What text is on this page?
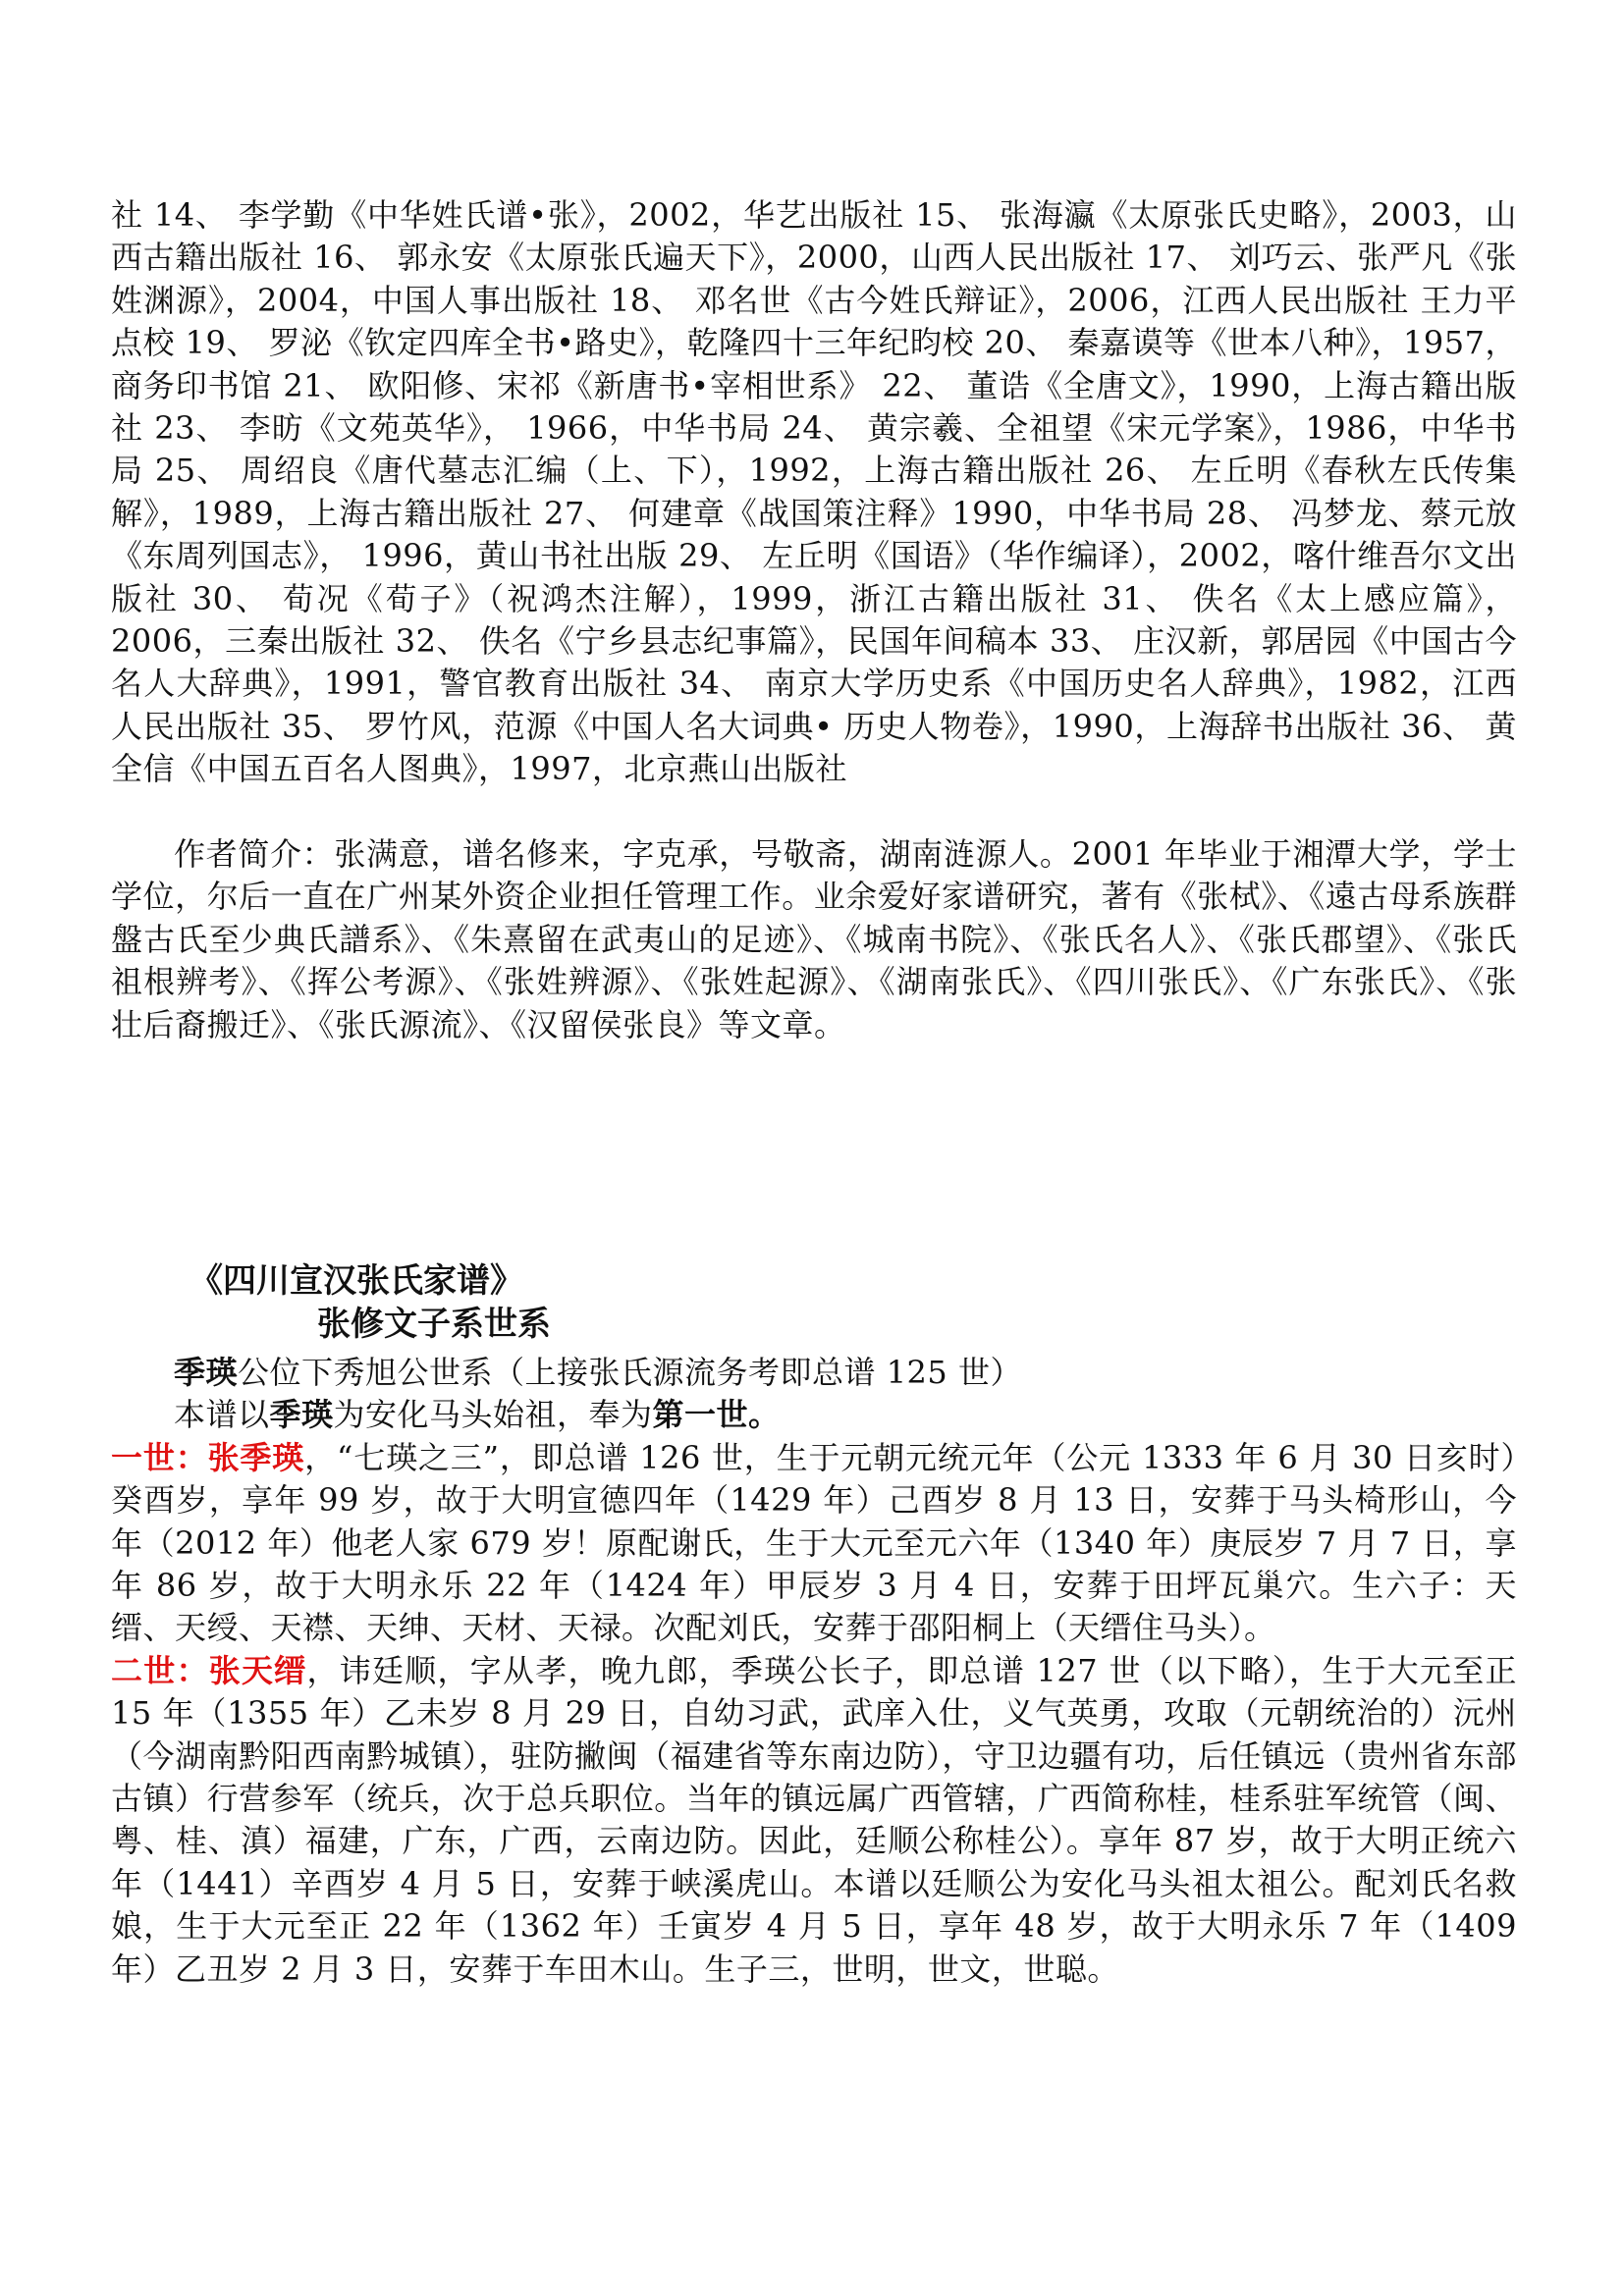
社 14、 李学勤《中华姓氏谱•张》，2002，华艺出版社 15、 张海瀛《太原张氏史略》，2003，山西古籍出版社 16、 郭永安《太原张氏遍天下》，2000，山西人民出版社 17、 刘巧云、张严凡《张姓渊源》，2004，中国人事出版社 18、 邓名世《古今姓氏辩证》，2006，江西人民出版社 王力平点校 19、 罗泌《钦定四库全书•路史》，乾隆四十三年纪昀校 20、 秦嘉谟等《世本八种》，1957，商务印书馆 21、 欧阳修、宋祁《新唐书•宰相世系》 22、 董诰《全唐文》，1990，上海古籍出版社 23、 李昉《文苑英华》， 1966，中华书局 24、 黄宗羲、全祖望《宋元学案》，1986，中华书局 25、 周绍良《唐代墓志汇编（上、下），1992，上海古籍出版社 26、 左丘明《春秋左氏传集解》，1989，上海古籍出版社 27、 何建章《战国策注释》1990，中华书局 28、 冯梦龙、蔡元放《东周列国志》， 1996，黄山书社出版 29、 左丘明《国语》（华作编译），2002，喀什维吾尔文出版社 30、 荀况《荀子》（祝鸿杰注解），1999，浙江古籍出版社 31、 佚名《太上感应篇》，2006，三秦出版社 32、 佚名《宁乡县志纪事篇》，民国年间稿本 33、 庄汉新，郭居园《中国古今名人大辞典》，1991，警官教育出版社 34、 南京大学历史系《中国历史名人辞典》，1982，江西人民出版社 35、 罗竹风，范源《中国人名大词典• 历史人物卷》，1990，上海辞书出版社 36、 黄全信《中国五百名人图典》，1997，北京燕山出版社

作者简介：张满意，谱名修来，字克承，号敬斋，湖南涟源人。2001 年毕业于湘潭大学，学士学位，尔后一直在广州某外资企业担任管理工作。业余爱好家谱研究，著有《张栻》、《遠古母系族群盤古氏至少典氏譜系》、《朱熹留在武夷山的足迹》、《城南书院》、《张氏名人》、《张氏郡望》、《张氏祖根辨考》、《挥公考源》、《张姓辨源》、《张姓起源》、《湖南张氏》、《四川张氏》、《广东张氏》、《张壮后裔搬迁》、《张氏源流》、《汉留侯张良》等文章。

《四川宣汉张氏家谱》
张修文子系世系

季瑛公位下秀旭公世系（上接张氏源流务考即总谱 125 世）

本谱以季瑛为安化马头始祖，奉为第一世。

一世：张季瑛，“七瑛之三”，即总谱 126 世，生于元朝元统元年（公元 1333 年 6 月 30 日亥时）癸酉岁，享年 99 岁，故于大明宣德四年（1429 年）己酉岁 8 月 13 日，安葬于马头椅形山，今年（2012 年）他老人家 679 岁！原配谢氏，生于大元至元六年（1340 年）庚辰岁 7 月 7 日，享年 86 岁，故于大明永乐 22 年（1424 年）甲辰岁 3 月 4 日，安葬于田坪瓦巢穴。生六子：天缙、天绶、天襟、天绅、天材、天禄。次配刘氏，安葬于邵阳桐上（天缙住马头）。

二世：张天缙，讳廷顺，字从孝，晚九郎，季瑛公长子，即总谱 127 世（以下略），生于大元至正 15 年（1355 年）乙未岁 8 月 29 日，自幼习武，武庠入仕，义气英勇，攻取（元朝统治的）沅州（今湖南黔阳西南黔城镇），驻防撇闽（福建省等东南边防），守卫边疆有功，后任镇远（贵州省东部古镇）行营参军（统兵，次于总兵职位。当年的镇远属广西管辖，广西简称桂，桂系驻军统管（闽、粤、桂、滇）福建，广东，广西，云南边防。因此，廷顺公称桂公）。享年 87 岁，故于大明正统六年（1441）辛酉岁 4 月 5 日，安葬于峡溪虎山。本谱以廷顺公为安化马头祖太祖公。配刘氏名救娘，生于大元至正 22 年（1362 年）壬寅岁 4 月 5 日，享年 48 岁，故于大明永乐 7 年（1409 年）乙丑岁 2 月 3 日，安葬于车田木山。生子三，世明，世文，世聪。
